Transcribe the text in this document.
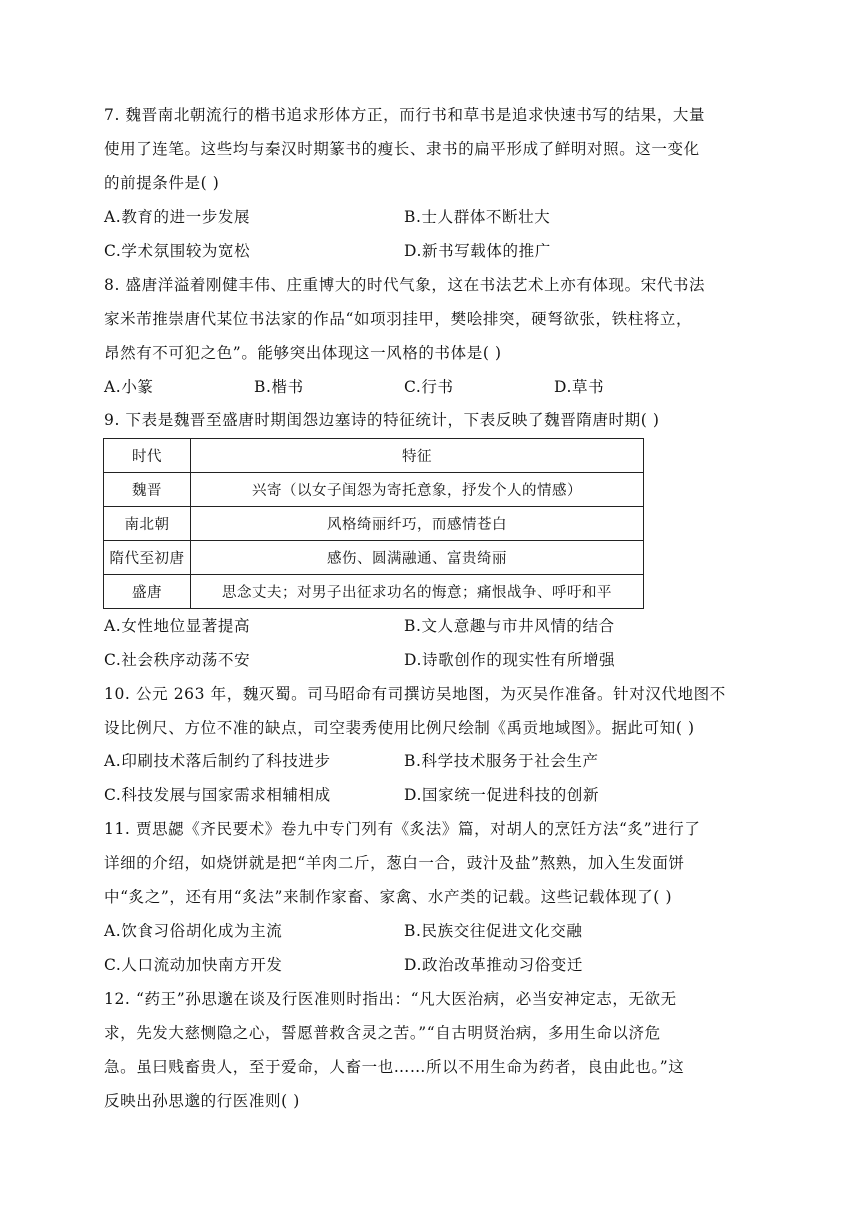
7. 魏晋南北朝流行的楷书追求形体方正，而行书和草书是追求快速书写的结果，大量
使用了连笔。这些均与秦汉时期篆书的瘦长、隶书的扁平形成了鲜明对照。这一变化
的前提条件是( )
A.教育的进一步发展	B.士人群体不断壮大
C.学术氛围较为宽松	D.新书写载体的推广
8. 盛唐洋溢着刚健丰伟、庄重博大的时代气象，这在书法艺术上亦有体现。宋代书法
家米芾推崇唐代某位书法家的作品“如项羽挂甲，樊哙排突，硬弩欲张，铁柱将立，
昂然有不可犯之色”。能够突出体现这一风格的书体是( )
A.小篆	B.楷书	C.行书	D.草书
9. 下表是魏晋至盛唐时期闺怨边塞诗的特征统计，下表反映了魏晋隋唐时期( )
时代	特征
魏晋	兴寄（以女子闺怨为寄托意象，抒发个人的情感）
南北朝	风格绮丽纤巧，而感情苍白
隋代至初唐	感伤、圆满融通、富贵绮丽
盛唐	思念丈夫；对男子出征求功名的悔意；痛恨战争、呼吁和平
A.女性地位显著提高	B.文人意趣与市井风情的结合
C.社会秩序动荡不安	D.诗歌创作的现实性有所增强
10. 公元 263 年，魏灭蜀。司马昭命有司撰访吴地图，为灭吴作准备。针对汉代地图不
设比例尺、方位不准的缺点，司空裴秀使用比例尺绘制《禹贡地域图》。据此可知( )
A.印刷技术落后制约了科技进步	B.科学技术服务于社会生产
C.科技发展与国家需求相辅相成	D.国家统一促进科技的创新
11. 贾思勰《齐民要术》卷九中专门列有《炙法》篇，对胡人的烹饪方法“炙”进行了
详细的介绍，如烧饼就是把“羊肉二斤，葱白一合，豉汁及盐”熬熟，加入生发面饼
中“炙之”，还有用“炙法”来制作家畜、家禽、水产类的记载。这些记载体现了( )
A.饮食习俗胡化成为主流	B.民族交往促进文化交融
C.人口流动加快南方开发	D.政治改革推动习俗变迁
12. “药王”孙思邈在谈及行医准则时指出：“凡大医治病，必当安神定志，无欲无
求，先发大慈恻隐之心，誓愿普救含灵之苦。”“自古明贤治病，多用生命以济危
急。虽曰贱畜贵人，至于爱命，人畜一也……所以不用生命为药者，良由此也。”这
反映出孙思邈的行医准则( )
